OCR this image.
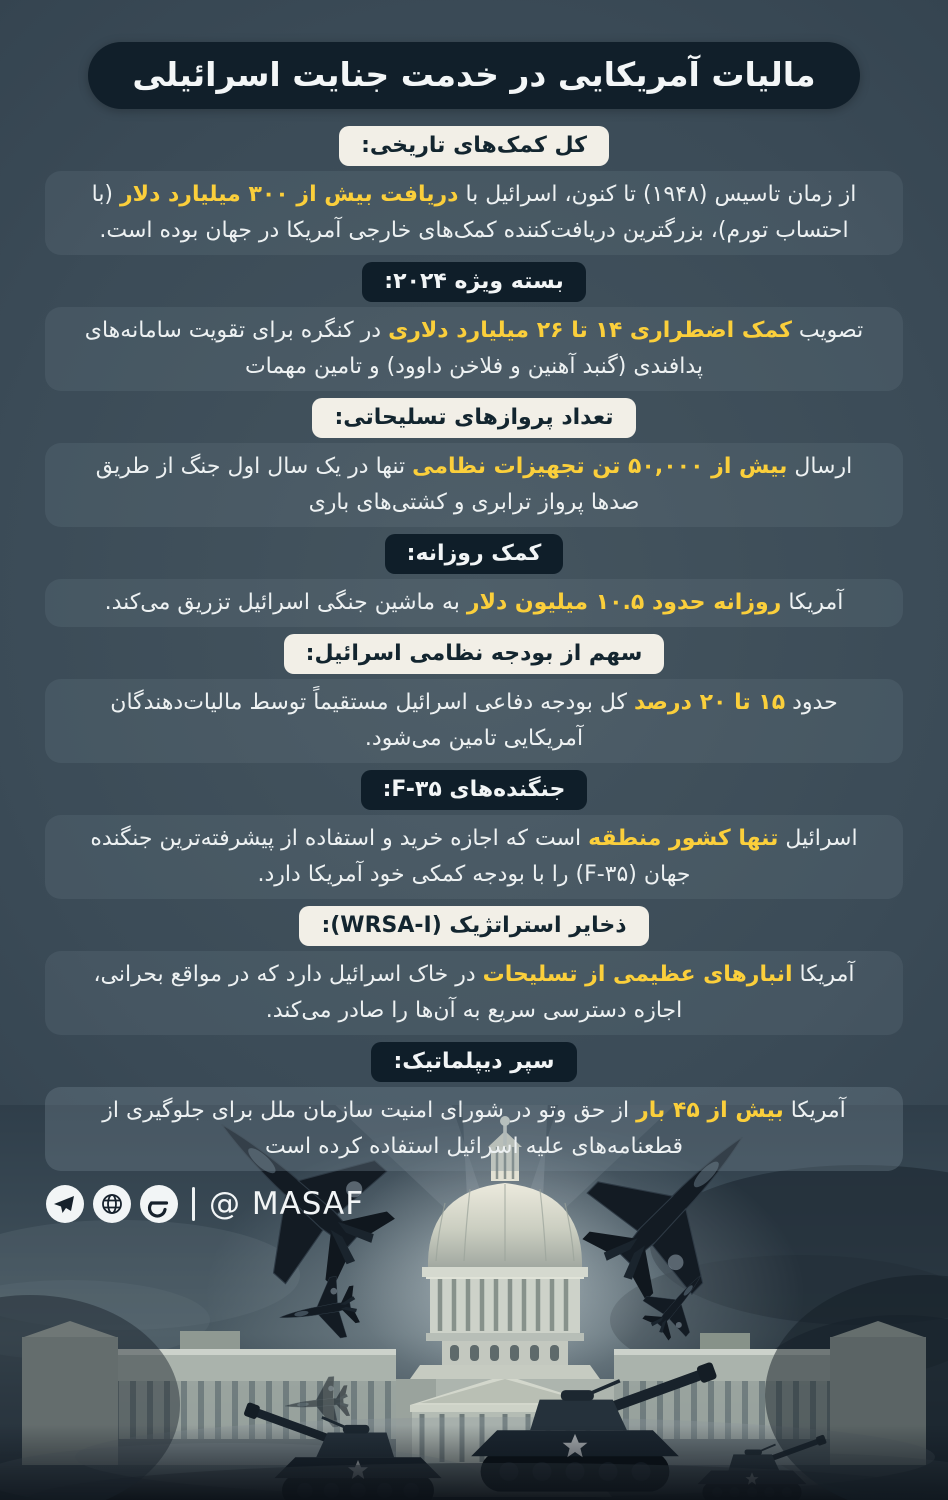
مالیات آمریکایی در خدمت جنایت اسرائیلی
کل کمک‌های تاریخی:

از زمان تاسیس (۱۹۴۸) تا کنون، اسرائیل با دریافت بیش از ۳۰۰ میلیارد دلار (با احتساب تورم)، بزرگترین دریافت‌کننده کمک‌های خارجی آمریکا در جهان بوده است.

بسته ویژه ۲۰۲۴:

تصویب کمک اضطراری ۱۴ تا ۲۶ میلیارد دلاری در کنگره برای تقویت سامانه‌های پدافندی (گنبد آهنین و فلاخن داوود) و تامین مهمات

تعداد پروازهای تسلیحاتی:

ارسال بیش از ۵۰,۰۰۰ تن تجهیزات نظامی تنها در یک سال اول جنگ از طریق صدها پرواز ترابری و کشتی‌های باری

کمک روزانه:

آمریکا روزانه حدود ۱۰.۵ میلیون دلار به ماشین جنگی اسرائیل تزریق می‌کند.

سهم از بودجه نظامی اسرائیل:

حدود ۱۵ تا ۲۰ درصد کل بودجه دفاعی اسرائیل مستقیماً توسط مالیات‌دهندگان آمریکایی تامین می‌شود.

جنگنده‌های F-۳۵:

اسرائیل تنها کشور منطقه است که اجازه خرید و استفاده از پیشرفته‌ترین جنگنده جهان (F-۳۵) را با بودجه کمکی خود آمریکا دارد.

ذخایر استراتژیک (WRSA-I):

آمریکا انبارهای عظیمی از تسلیحات در خاک اسرائیل دارد که در مواقع بحرانی، اجازه دسترسی سریع به آن‌ها را صادر می‌کند.

سپر دیپلماتیک:

آمریکا بیش از ۴۵ بار از حق وتو در شورای امنیت سازمان ملل برای جلوگیری از قطعنامه‌های علیه اسرائیل استفاده کرده است

@ MASAF
